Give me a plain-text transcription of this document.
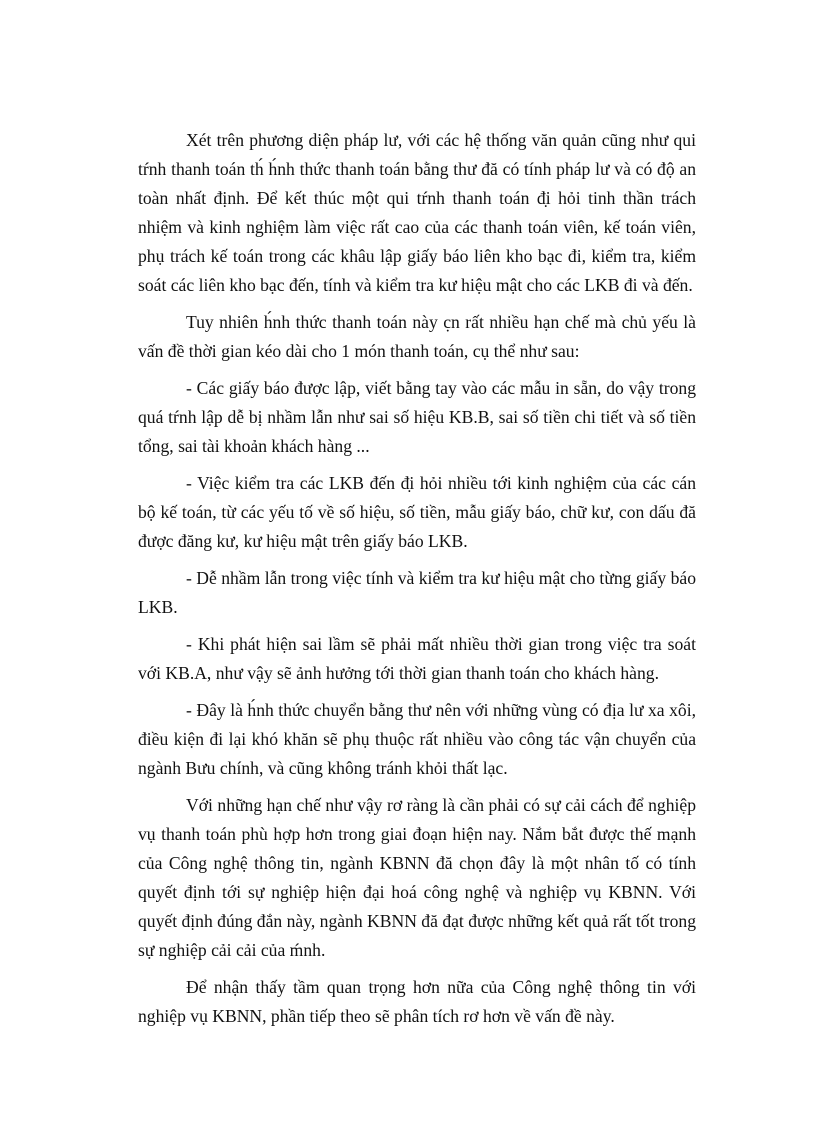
Xét trên phương diện pháp lư, với các hệ thống văn quản cũng như qui tŕnh thanh toán th́ h́nh thức thanh toán bằng thư đă có tính pháp lư và có độ an toàn nhất định. Để kết thúc một qui tŕnh thanh toán đ̣i hỏi tinh thần trách nhiệm và kinh nghiệm làm việc rất cao của các thanh toán viên, kế toán viên, phụ trách kế toán trong các khâu lập giấy báo liên kho bạc đi, kiểm tra, kiểm soát các liên kho bạc đến, tính và kiểm tra kư hiệu mật cho các LKB đi và đến.

Tuy nhiên h́nh thức thanh toán này c̣n rất nhiều hạn chế mà chủ yếu là vấn đề thời gian kéo dài cho 1 món thanh toán, cụ thể như sau:

- Các giấy báo được lập, viết bằng tay vào các mẫu in sẵn, do vậy trong quá tŕnh lập dễ bị nhầm lẫn như sai số hiệu KB.B, sai số tiền chi tiết và số tiền tổng, sai tài khoản khách hàng ...

- Việc kiểm tra các LKB đến đ̣i hỏi nhiều tới kinh nghiệm của các cán bộ kế toán, từ các yếu tố về số hiệu, số tiền, mẫu giấy báo, chữ kư, con dấu đă được đăng kư, kư hiệu mật trên giấy báo LKB.

- Dễ nhầm lẫn trong việc tính và kiểm tra kư hiệu mật cho từng giấy báo LKB.

- Khi phát hiện sai lầm sẽ phải mất nhiều thời gian trong việc tra soát với KB.A, như vậy sẽ ảnh hưởng tới thời gian thanh toán cho khách hàng.

- Đây là h́nh thức chuyển bằng thư nên với những vùng có địa lư xa xôi, điều kiện đi lại khó khăn sẽ phụ thuộc rất nhiều vào công tác vận chuyển của ngành Bưu chính, và cũng không tránh khỏi thất lạc.

Với những hạn chế như vậy rơ ràng là cần phải có sự cải cách để nghiệp vụ thanh toán phù hợp hơn trong giai đoạn hiện nay. Nắm bắt được thế mạnh của Công nghệ thông tin, ngành KBNN đă chọn đây là một nhân tố có tính quyết định tới sự nghiệp hiện đại hoá công nghệ và nghiệp vụ KBNN. Với quyết định đúng đắn này, ngành KBNN đă đạt được những kết quả rất tốt trong sự nghiệp cải cải của ḿnh.

Để nhận thấy tầm quan trọng hơn nữa của Công nghệ thông tin với nghiệp vụ KBNN, phần tiếp theo sẽ phân tích rơ hơn về vấn đề này.
